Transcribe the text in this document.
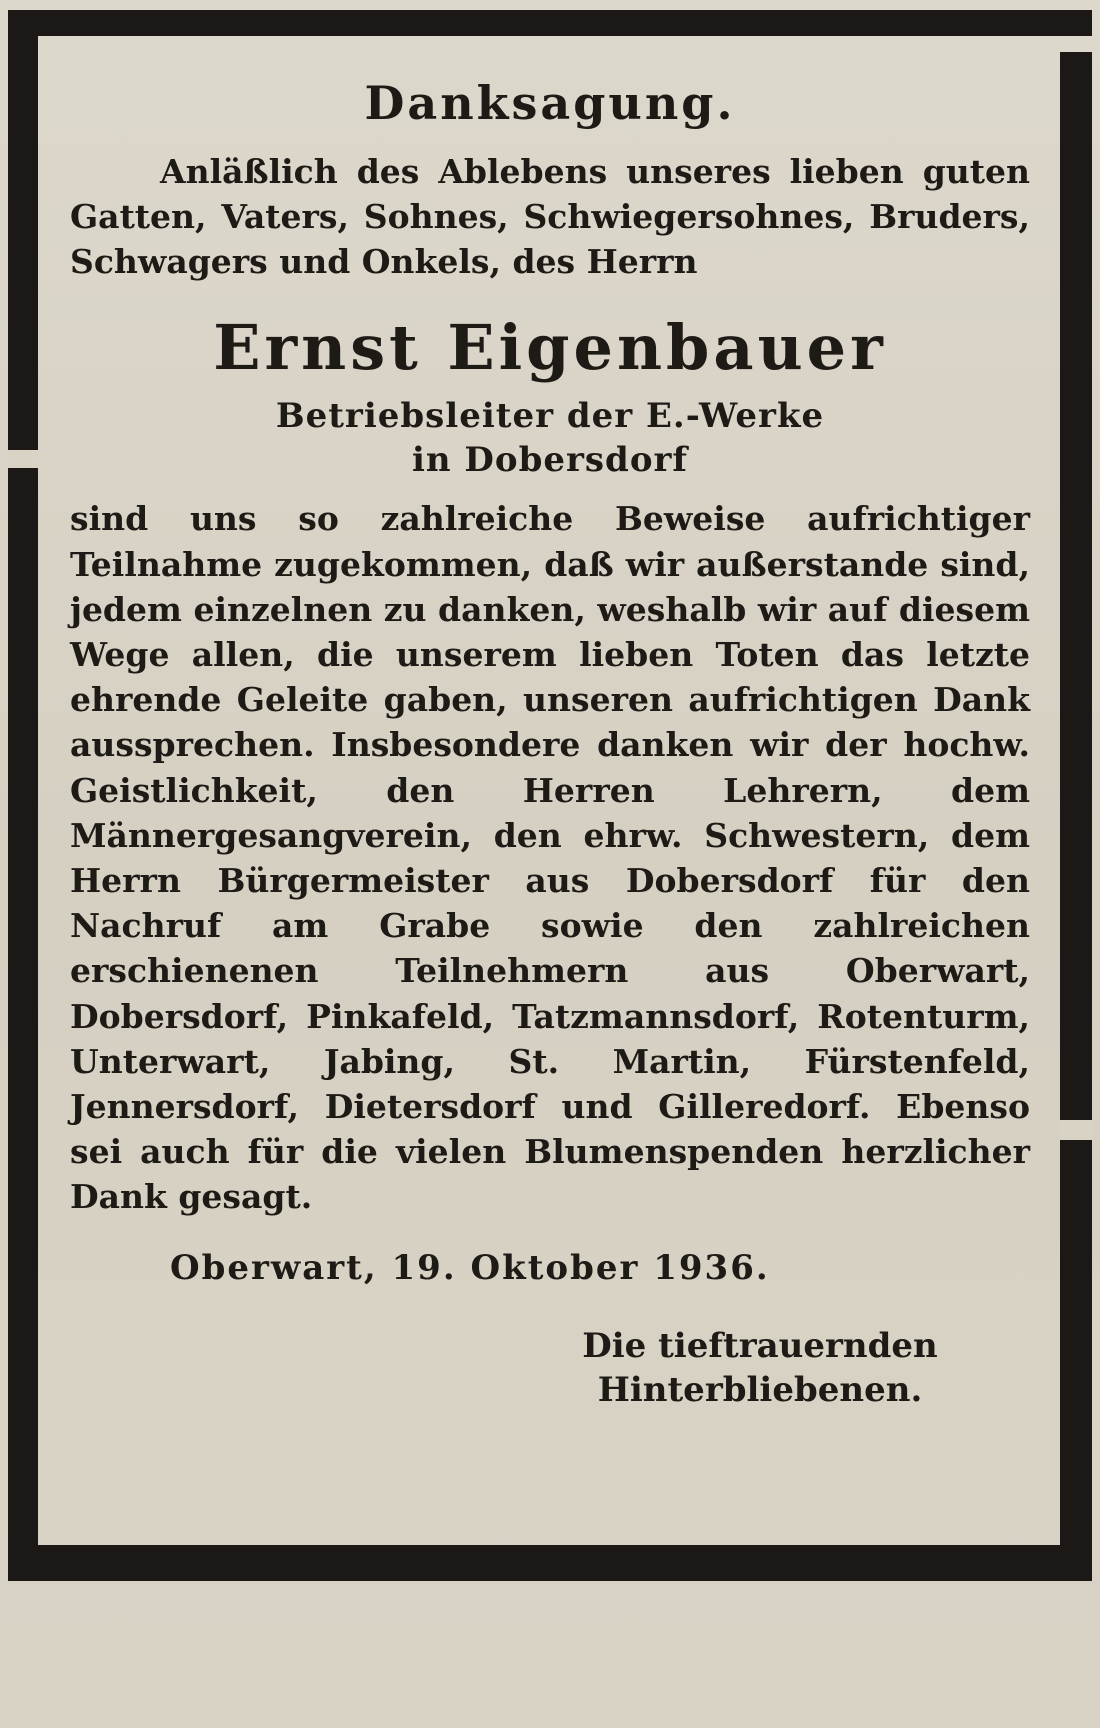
Danksagung.

Anläßlich des Ablebens unseres lieben guten Gatten, Vaters, Sohnes, Schwiegersohnes, Bruders, Schwagers und Onkels, des Herrn

Ernst Eigenbauer
Betriebsleiter der E.-Werke
in Dobersdorf

sind uns so zahlreiche Beweise aufrichtiger Teilnahme zugekommen, daß wir außerstande sind, jedem einzelnen zu danken, weshalb wir auf diesem Wege allen, die unserem lieben Toten das letzte ehrende Geleite gaben, unseren aufrichtigen Dank aussprechen. Insbesondere danken wir der hochw. Geistlichkeit, den Herren Lehrern, dem Männergesangverein, den ehrw. Schwestern, dem Herrn Bürgermeister aus Dobersdorf für den Nachruf am Grabe sowie den zahlreichen erschienenen Teilnehmern aus Oberwart, Dobersdorf, Pinkafeld, Tatzmannsdorf, Rotenturm, Unterwart, Jabing, St. Martin, Fürstenfeld, Jennersdorf, Dietersdorf und Gilleredorf. Ebenso sei auch für die vielen Blumenspenden herzlicher Dank gesagt.

Oberwart, 19. Oktober 1936.
Die tieftrauernden
Hinterbliebenen.
